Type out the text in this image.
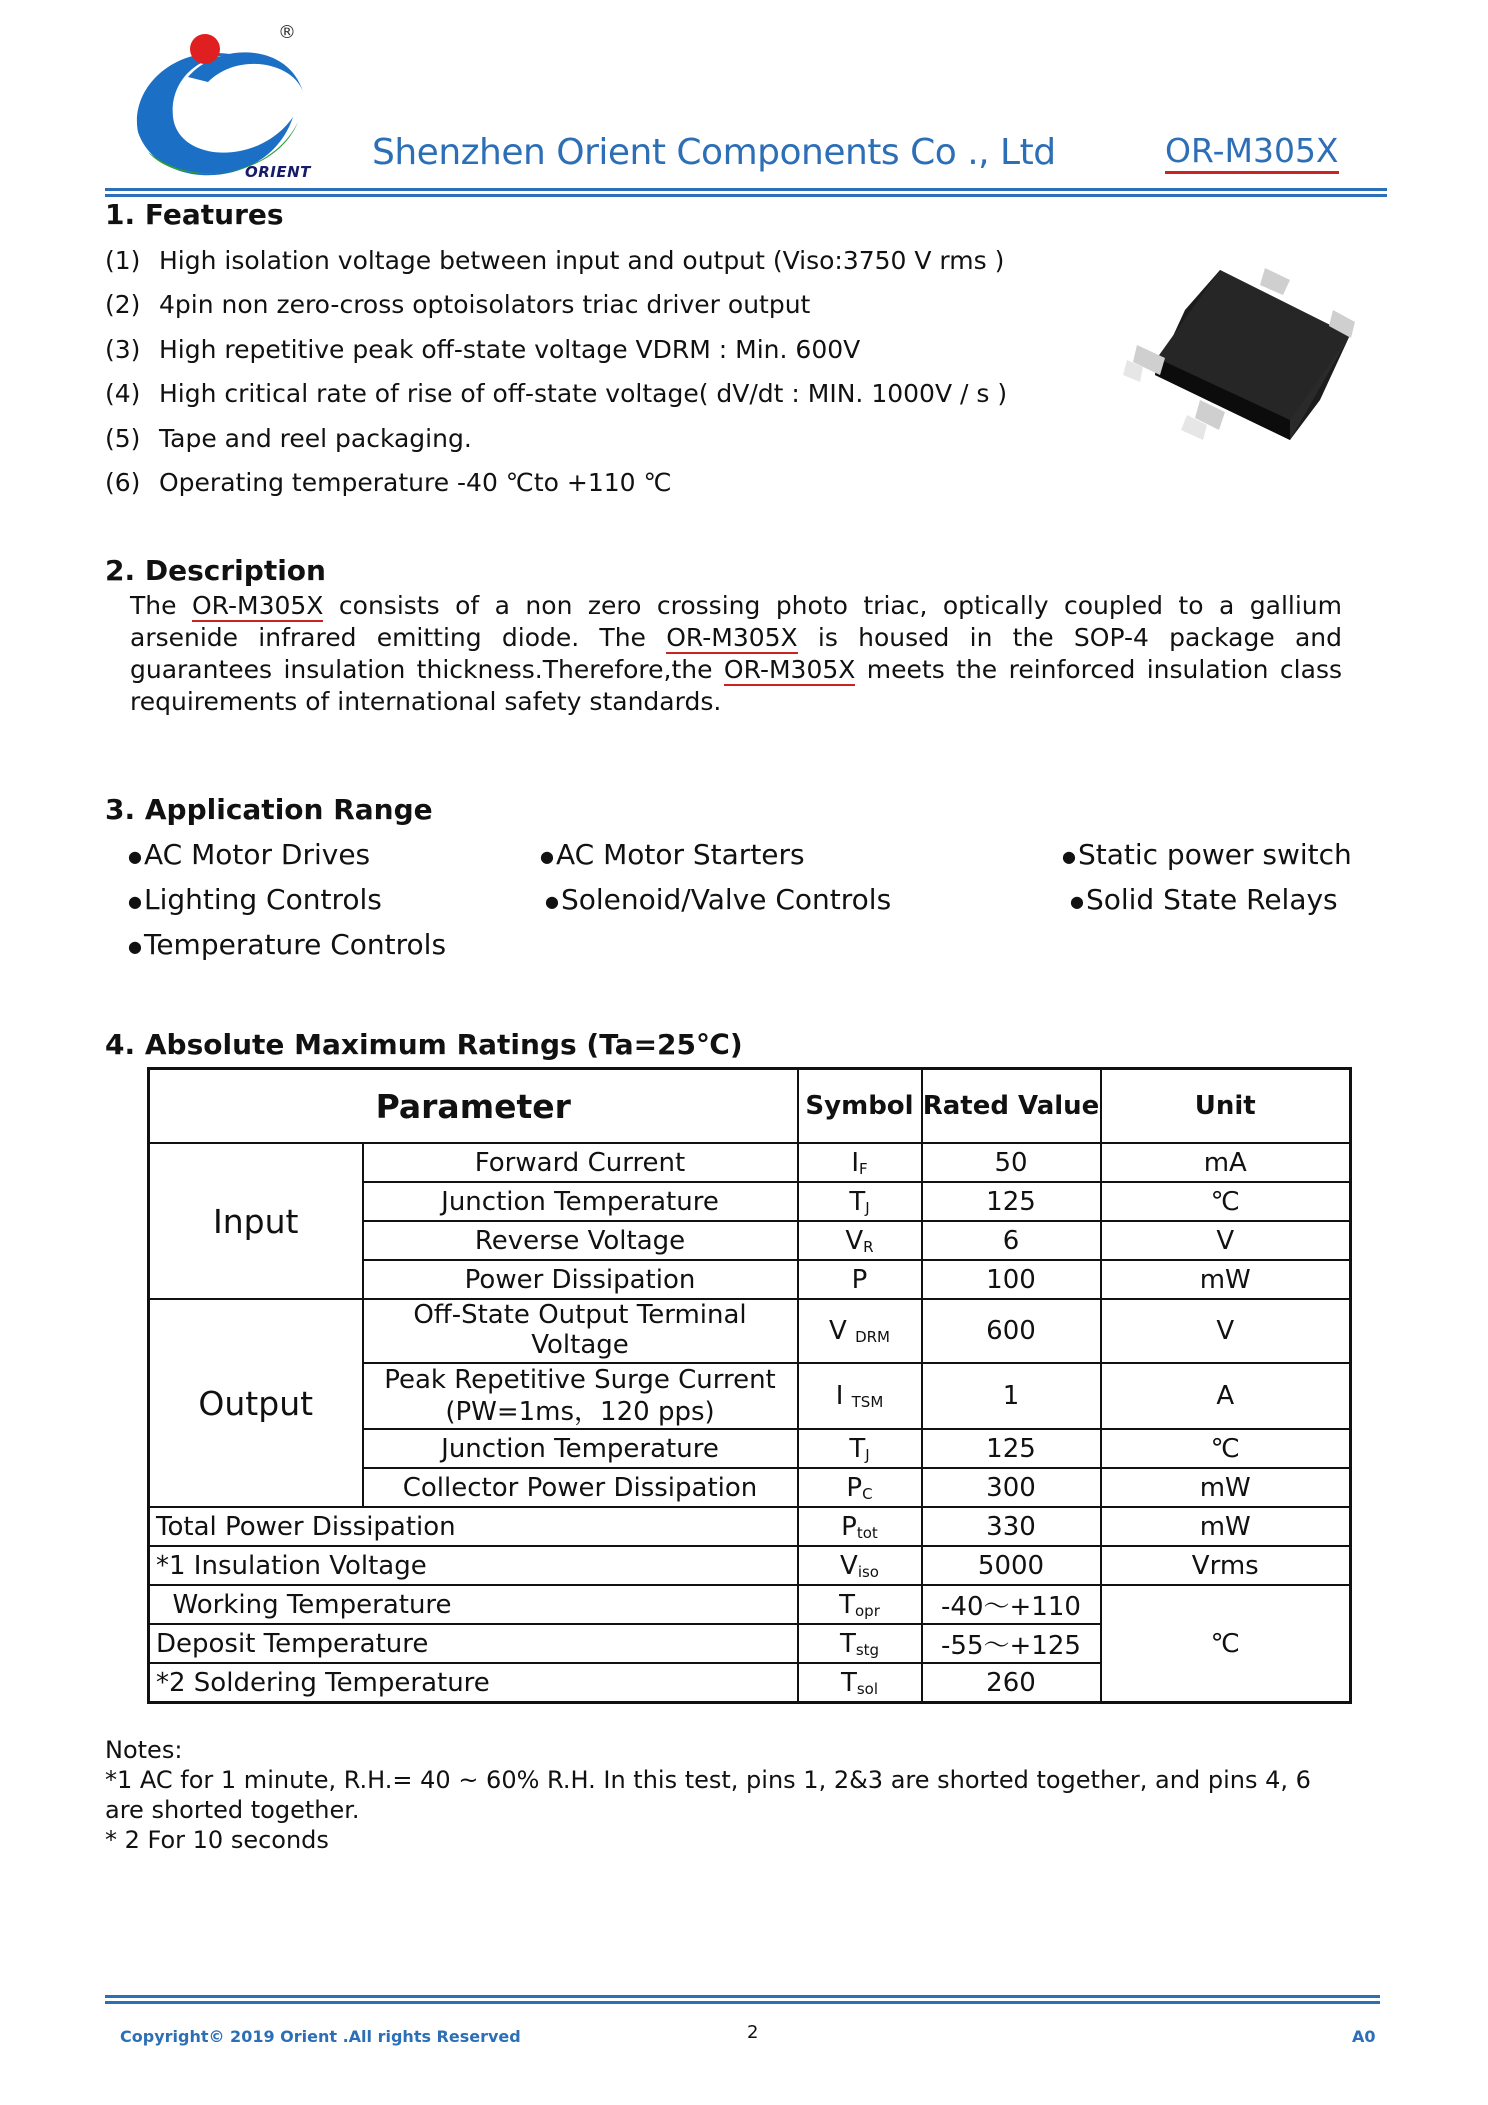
®
ORIENT Shenzhen Orient Components Co ., Ltd	OR-M305X
1. Features
(1) High isolation voltage between input and output (Viso:3750 V rms )
(2) 4pin non zero-cross optoisolators triac driver output
(3) High repetitive peak off-state voltage VDRM : Min. 600V
(4) High critical rate of rise of off-state voltage( dV/dt : MIN. 1000V / s )
(5) Tape and reel packaging.
(6) Operating temperature -40 ℃to +110 ℃
2. Description
The OR-M305X consists of a non zero crossing photo triac, optically coupled to a gallium arsenide infrared emitting diode. The OR-M305X is housed in the SOP-4 package and guarantees insulation thickness.Therefore,the OR-M305X meets the reinforced insulation class requirements of international safety standards.
3. Application Range
●AC Motor Drives	●AC Motor Starters	●Static power switch
●Lighting Controls	●Solenoid/Valve Controls	●Solid State Relays
●Temperature Controls
4. Absolute Maximum Ratings (Ta=25℃)
Parameter		Symbol	Rated Value	Unit
Input	Forward Current	$I_F$	50	mA
	Junction Temperature	$T_J$	125	℃
	Reverse Voltage	$V_R$	6	V
	Power Dissipation	P	100	mW
Output	Off-State Output Terminal Voltage	V $_{DRM}$	600	V
	Peak Repetitive Surge Current
(PW=1ms，120 pps)	I $_{TSM}$	1	A
	Junction Temperature	$T_J$	125	℃
	Collector Power Dissipation	$P_C$	300	mW
Total Power Dissipation		$P_{tot}$	330	mW
*1 Insulation Voltage		$V_{iso}$	5000	Vrms
Working Temperature		$T_{opr}$	-40～+110	℃
Deposit Temperature		$T_{stg}$	-55～+125	
*2 Soldering Temperature		$T_{sol}$	260	
Notes:
*1 AC for 1 minute, R.H.= 40 ~ 60% R.H. In this test, pins 1, 2&3 are shorted together, and pins 4, 6 are shorted together.
* 2 For 10 seconds
Copyright© 2019 Orient .All rights Reserved	2	A0
